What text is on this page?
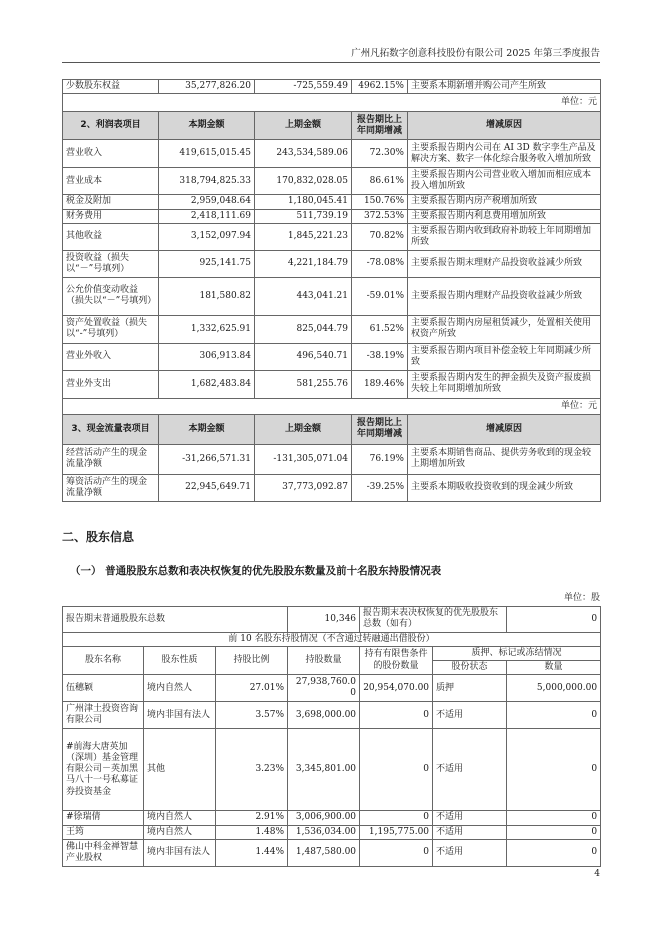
广州凡拓数字创意科技股份有限公司 2025 年第三季度报告
少数股东权益	35,277,826.20	-725,559.49	4962.15%	主要系本期新增并购公司产生所致
单位：元				
2、利润表项目	本期金额	上期金额	报告期比上年同期增减	增减原因
营业收入	419,615,015.45	243,534,589.06	72.30%	主要系报告期内公司在 AI 3D 数字孪生产品及解决方案、数字一体化综合服务收入增加所致
营业成本	318,794,825.33	170,832,028.05	86.61%	主要系报告期内公司营业收入增加而相应成本投入增加所致
税金及附加	2,959,048.64	1,180,045.41	150.76%	主要系报告期内房产税增加所致
财务费用	2,418,111.69	511,739.19	372.53%	主要系报告期内利息费用增加所致
其他收益	3,152,097.94	1,845,221.23	70.82%	主要系报告期内收到政府补助较上年同期增加所致
投资收益（损失以“－”号填列）	925,141.75	4,221,184.79	-78.08%	主要系报告期末理财产品投资收益减少所致
公允价值变动收益（损失以“－”号填列）	181,580.82	443,041.21	-59.01%	主要系报告期内理财产品投资收益减少所致
资产处置收益（损失以“-”号填列）	1,332,625.91	825,044.79	61.52%	主要系报告期内房屋租赁减少，处置相关使用权资产所致
营业外收入	306,913.84	496,540.71	-38.19%	主要系报告期内项目补偿金较上年同期减少所致
营业外支出	1,682,483.84	581,255.76	189.46%	主要系报告期内发生的押金损失及资产报废损失较上年同期增加所致
单位：元				
3、现金流量表项目	本期金额	上期金额	报告期比上年同期增减	增减原因
经营活动产生的现金流量净额	-31,266,571.31	-131,305,071.04	76.19%	主要系本期销售商品、提供劳务收到的现金较上期增加所致
筹资活动产生的现金流量净额	22,945,649.71	37,773,092.87	-39.25%	主要系本期吸收投资收到的现金减少所致
二、股东信息
（一） 普通股股东总数和表决权恢复的优先股股东数量及前十名股东持股情况表
单位：股
报告期末普通股股东总数			10,346	报告期末表决权恢复的优先股股东总数（如有）		0
前 10 名股东持股情况（不含通过转融通出借股份）						
股东名称	股东性质	持股比例	持股数量	持有有限售条件的股份数量	质押、标记或冻结情况	
					股份状态	数量
伍穗颖	境内自然人	27.01%	27,938,760.00	20,954,070.00	质押	5,000,000.00
广州津土投资咨询有限公司	境内非国有法人	3.57%	3,698,000.00	0	不适用	0
#前海大唐英加（深圳）基金管理有限公司－英加黑马八十一号私募证券投资基金	其他	3.23%	3,345,801.00	0	不适用	0
#徐瑞倩	境内自然人	2.91%	3,006,900.00	0	不适用	0
王筠	境内自然人	1.48%	1,536,034.00	1,195,775.00	不适用	0
佛山中科金禅智慧产业股权	境内非国有法人	1.44%	1,487,580.00	0	不适用	0
4
